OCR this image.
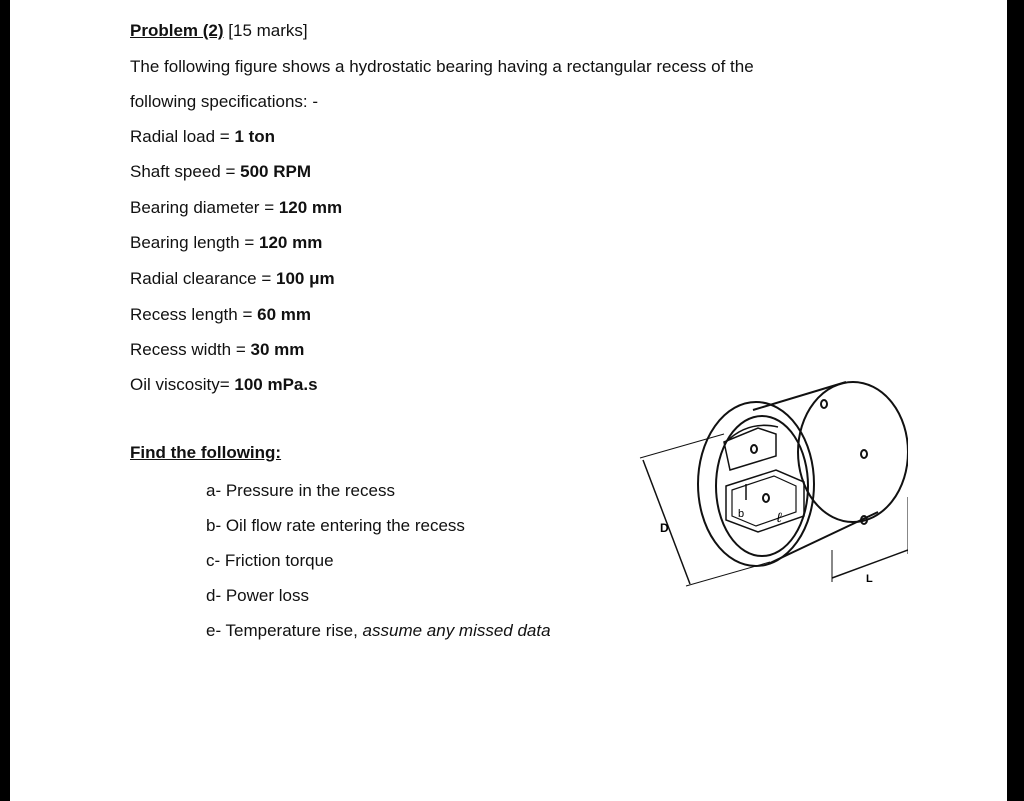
Problem (2) [15 marks]
The following figure shows a hydrostatic bearing having a rectangular recess of the
following specifications: -
Radial load = 1 ton
Shaft speed = 500 RPM
Bearing diameter = 120 mm
Bearing length = 120 mm
Radial clearance = 100 μm
Recess length = 60 mm
Recess width = 30 mm
Oil viscosity= 100 mPa.s
Find the following:
a- Pressure in the recess
b- Oil flow rate entering the recess
c- Friction torque
d- Power loss
e- Temperature rise, assume any missed data
D
L
b ℓ
